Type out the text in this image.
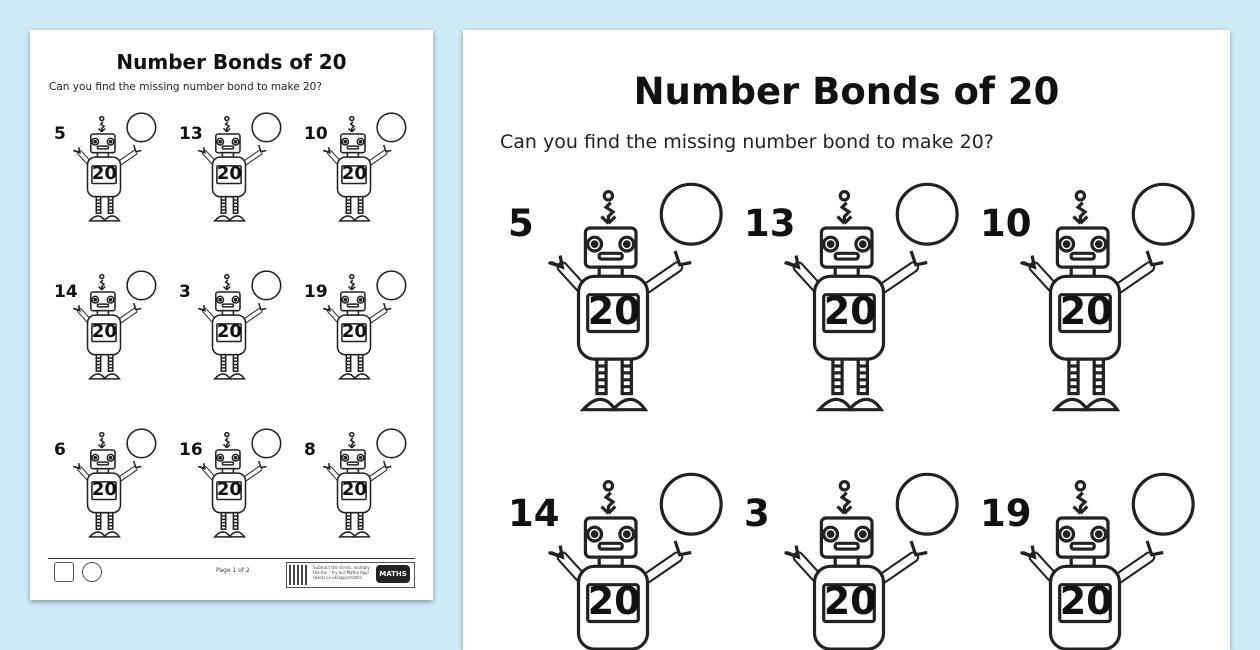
Number Bonds of 20
Can you find the missing number bond to make 20?
5
20
13
20
10
20
14
20
3
20
19
20
6
20
16
20
8
20
Page 1 of 2	Subtract the stress, multiply the fun – try our Maths App! twinkl.co.uk/apps/maths	MATHS APP
Number Bonds of 20
Can you find the missing number bond to make 20?
5
20
13
20
10
20
14
20
3
20
19
20
